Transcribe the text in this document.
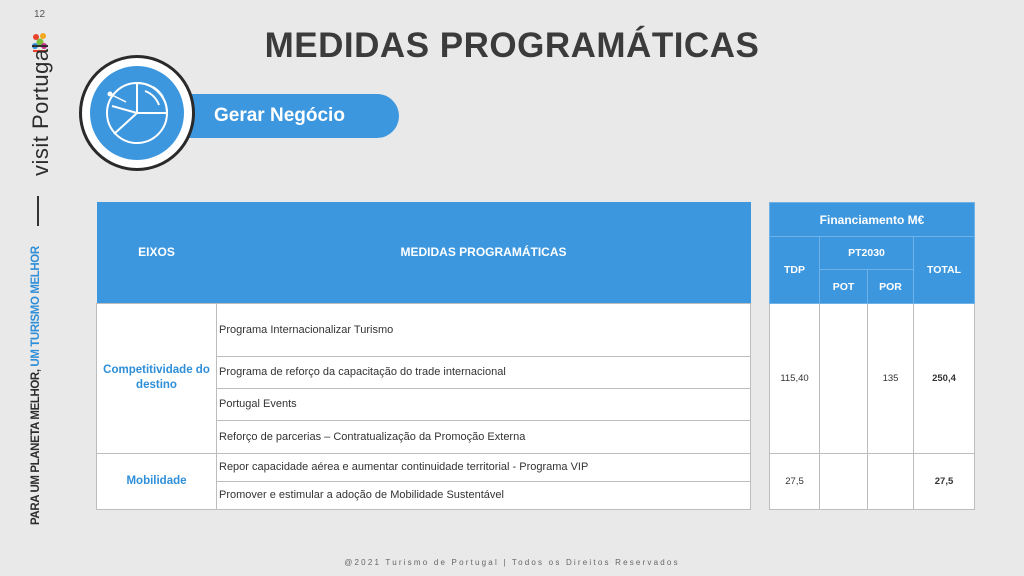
12
visit Portugal
PARA UM PLANETA MELHOR, UM TURISMO MELHOR
MEDIDAS PROGRAMÁTICAS
Gerar Negócio
EIXOS	MEDIDAS PROGRAMÁTICAS
Competitividade do destino	Programa Internacionalizar Turismo
	Programa de reforço da capacitação do trade internacional
	Portugal Events
	Reforço de parcerias – Contratualização da Promoção Externa
Mobilidade	Repor capacidade aérea e aumentar continuidade territorial - Programa VIP
	Promover e estimular a adoção de Mobilidade Sustentável
Financiamento M€			
TDP	PT2030		TOTAL
	POT	POR	
115,40		135	250,4
27,5			27,5
@2021 Turismo de Portugal | Todos os Direitos Reservados
